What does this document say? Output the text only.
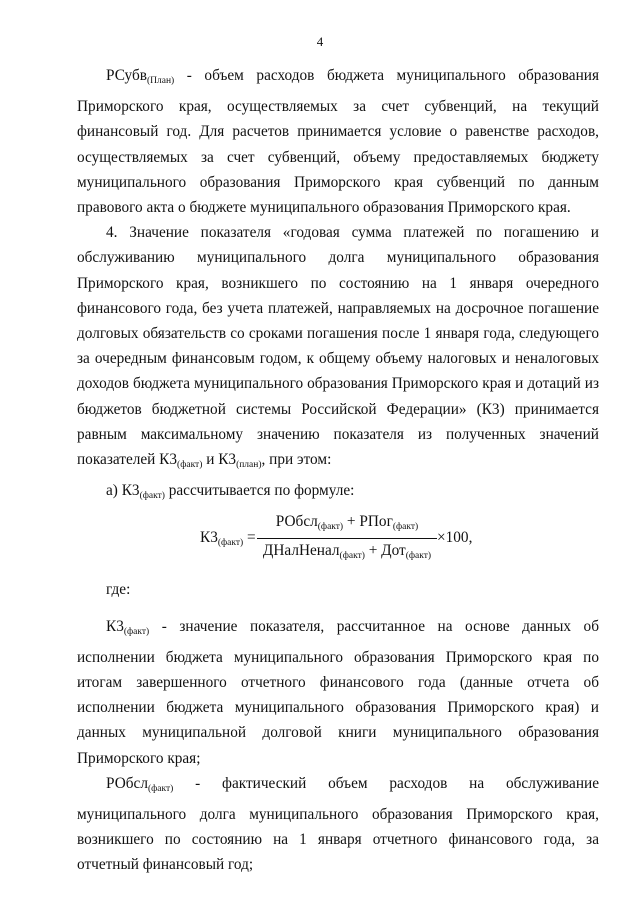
4

РСубв$_{(План)}$ - объем расходов бюджета муниципального образования Приморского края, осуществляемых за счет субвенций, на текущий финансовый год. Для расчетов принимается условие о равенстве расходов, осуществляемых за счет субвенций, объему предоставляемых бюджету муниципального образования Приморского края субвенций по данным правового акта о бюджете муниципального образования Приморского края.

4. Значение показателя «годовая сумма платежей по погашению и обслуживанию муниципального долга муниципального образования Приморского края, возникшего по состоянию на 1 января очередного финансового года, без учета платежей, направляемых на досрочное погашение долговых обязательств со сроками погашения после 1 января года, следующего за очередным финансовым годом, к общему объему налоговых и неналоговых доходов бюджета муниципального образования Приморского края и дотаций из бюджетов бюджетной системы Российской Федерации» (К3) принимается равным максимальному значению показателя из полученных значений показателей $К3_{(факт)}$ и $К3_{(план)}$, при этом:

а) $К3_{(факт)}$ рассчитывается по формуле:

$К3_{(факт)}$ =
РОбсл$_{(факт)}$ + РПог$_{(факт)}$
ДНалНенал$_{(факт)}$ + Дот$_{(факт)}$
×100,

где:

$К3_{(факт)}$ - значение показателя, рассчитанное на основе данных об исполнении бюджета муниципального образования Приморского края по итогам завершенного отчетного финансового года (данные отчета об исполнении бюджета муниципального образования Приморского края) и данных муниципальной долговой книги муниципального образования Приморского края;

РОбсл$_{(факт)}$ - фактический объем расходов на обслуживание муниципального долга муниципального образования Приморского края, возникшего по состоянию на 1 января отчетного финансового года, за отчетный финансовый год;
